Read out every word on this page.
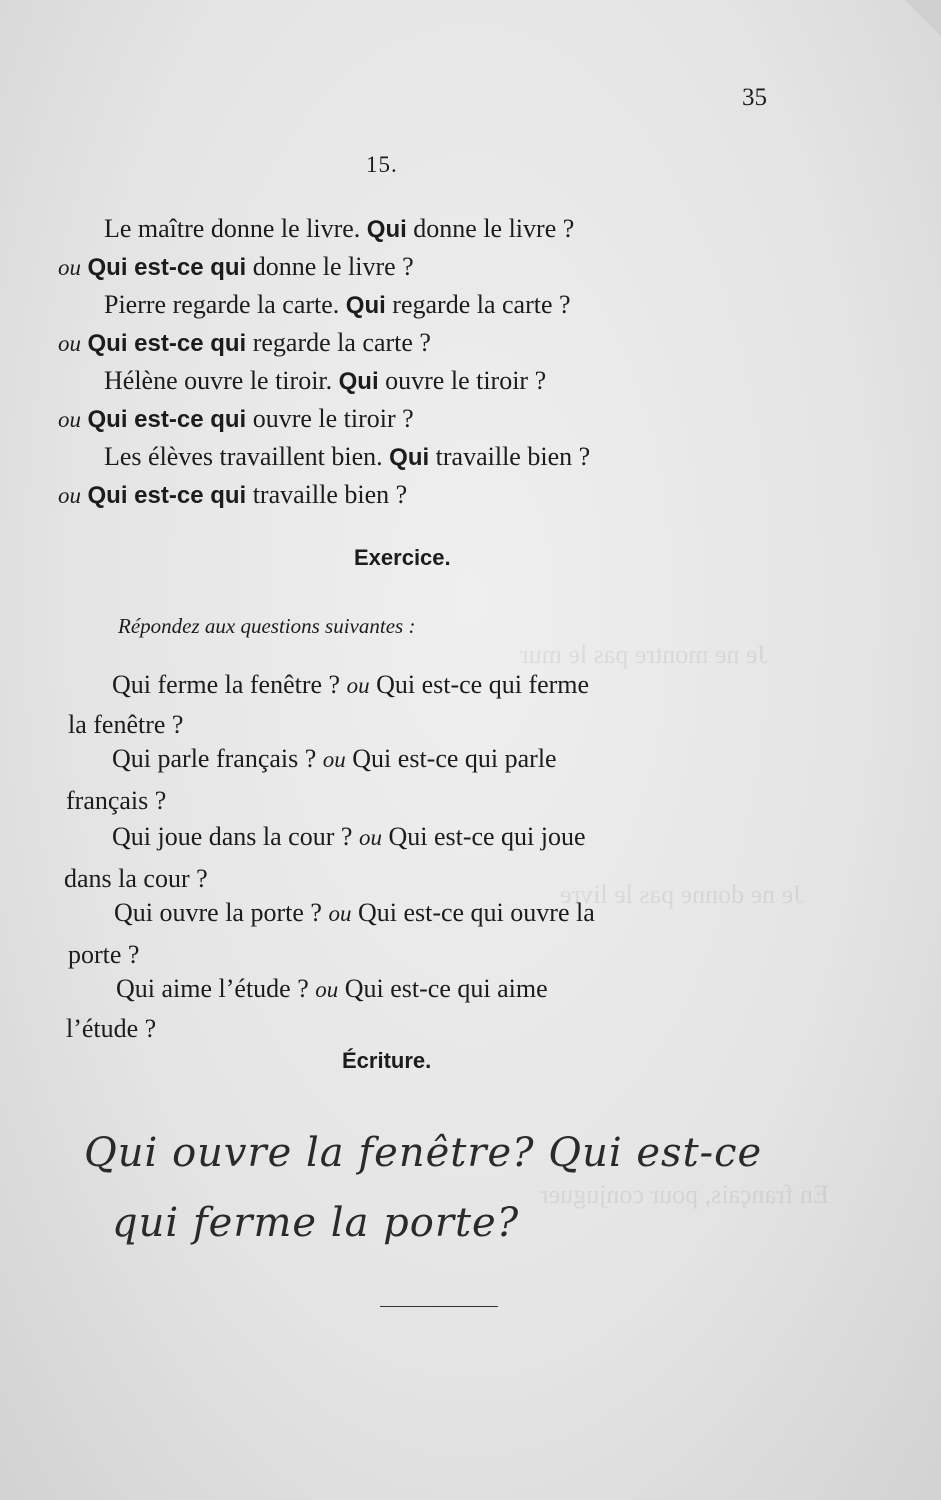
Je ne montre pas le mur
Je ne donne pas le livre
En français, pour conjuguer
35
15.
Le maître donne le livre. Qui donne le livre ?
ou Qui est-ce qui donne le livre ?
Pierre regarde la carte. Qui regarde la carte ?
ou Qui est-ce qui regarde la carte ?
Hélène ouvre le tiroir. Qui ouvre le tiroir ?
ou Qui est-ce qui ouvre le tiroir ?
Les élèves travaillent bien. Qui travaille bien ?
ou Qui est-ce qui travaille bien ?
Exercice.
Répondez aux questions suivantes :
Qui ferme la fenêtre ? ou Qui est-ce qui ferme
la fenêtre ?
Qui parle français ? ou Qui est-ce qui parle
français ?
Qui joue dans la cour ? ou Qui est-ce qui joue
dans la cour ?
Qui ouvre la porte ? ou Qui est-ce qui ouvre la
porte ?
Qui aime l’étude ? ou Qui est-ce qui aime
l’étude ?
Écriture.
Qui ouvre la fenêtre? Qui est-ce
qui ferme la porte?
